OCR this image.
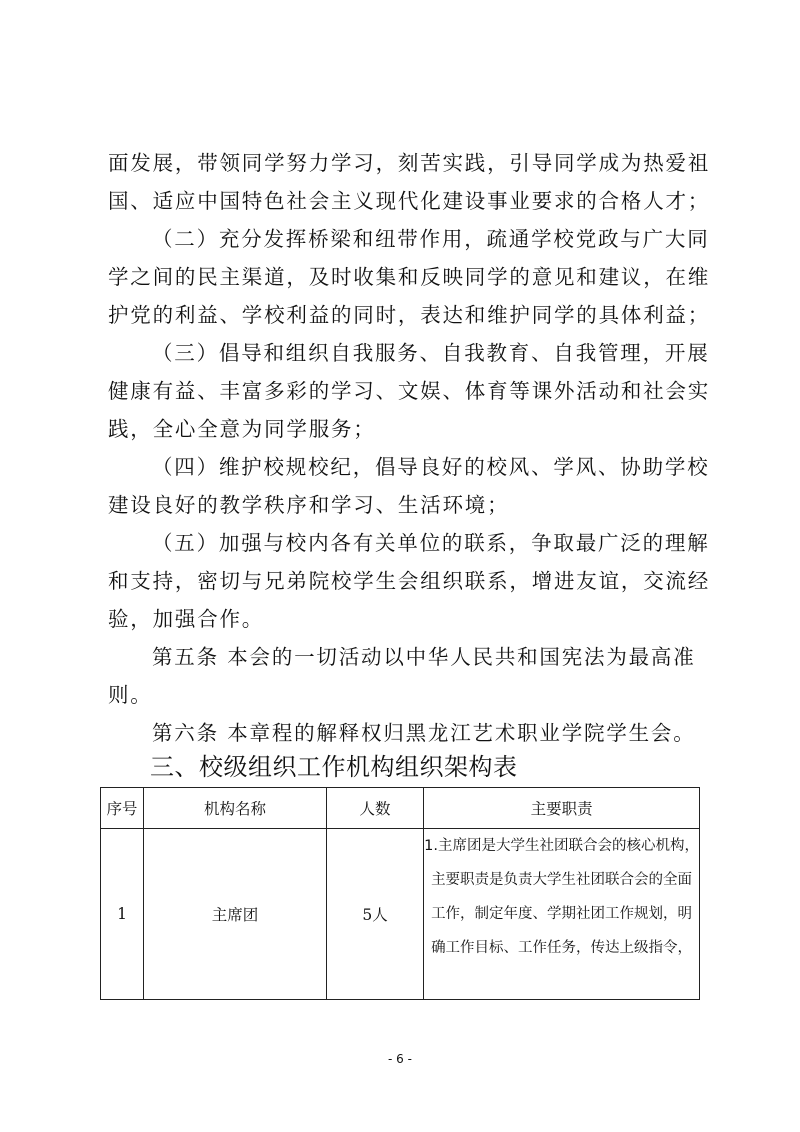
面发展，带领同学努力学习，刻苦实践，引导同学成为热爱祖
国、适应中国特色社会主义现代化建设事业要求的合格人才；
（二）充分发挥桥梁和纽带作用，疏通学校党政与广大同
学之间的民主渠道，及时收集和反映同学的意见和建议，在维
护党的利益、学校利益的同时，表达和维护同学的具体利益；
（三）倡导和组织自我服务、自我教育、自我管理，开展
健康有益、丰富多彩的学习、文娱、体育等课外活动和社会实
践，全心全意为同学服务；
（四）维护校规校纪，倡导良好的校风、学风、协助学校
建设良好的教学秩序和学习、生活环境；
（五）加强与校内各有关单位的联系，争取最广泛的理解
和支持，密切与兄弟院校学生会组织联系，增进友谊，交流经
验，加强合作。
第五条 本会的一切活动以中华人民共和国宪法为最高准
则。
第六条 本章程的解释权归黑龙江艺术职业学院学生会。
三、校级组织工作机构组织架构表
序号	机构名称	人数	主要职责
1	主席团	5人	1.主席团是大学生社团联合会的核心机构，
主要职责是负责大学生社团联合会的全面
工作，制定年度、学期社团工作规划，明
确工作目标、工作任务，传达上级指令，
- 6 -
